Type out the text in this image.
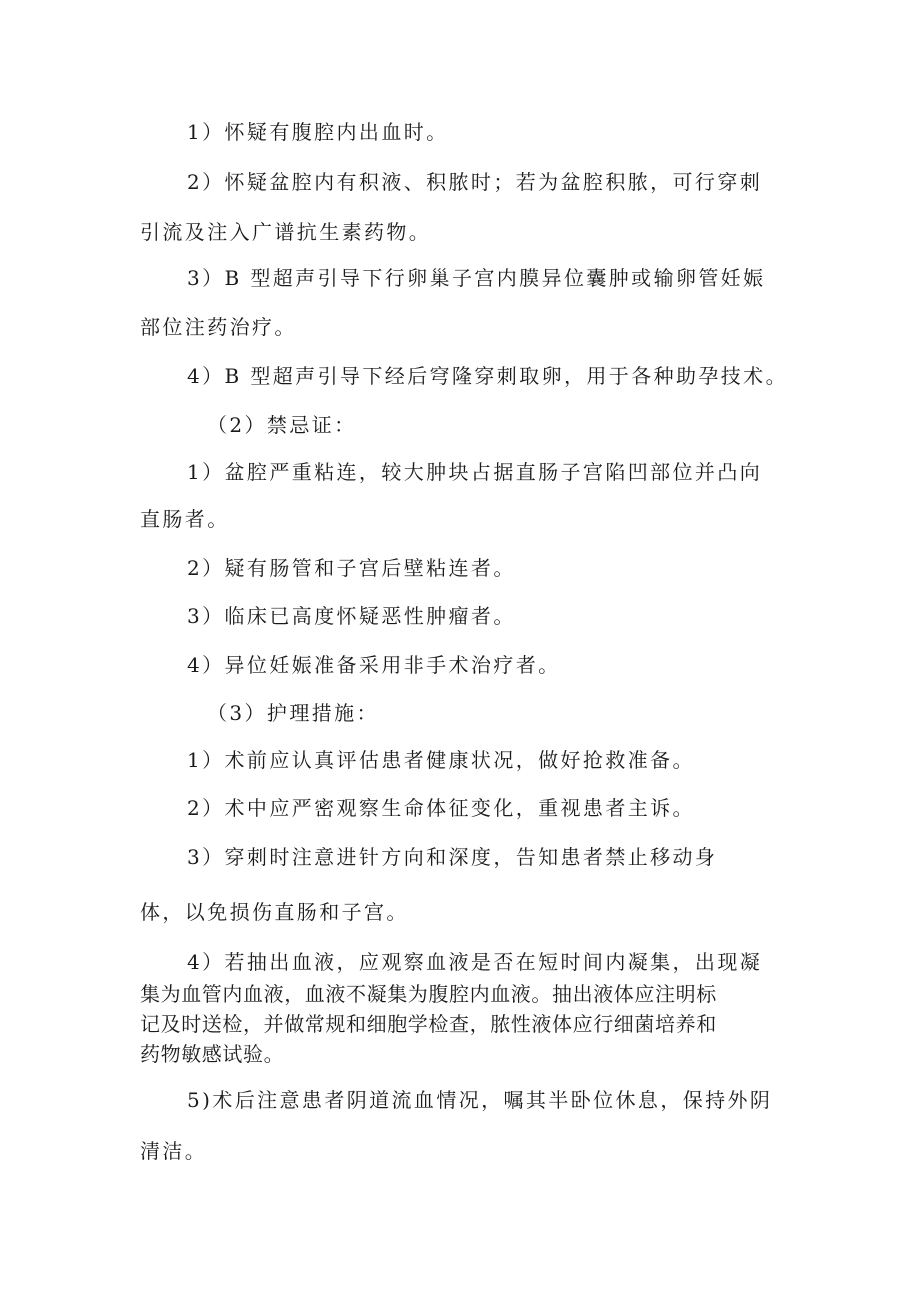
1）怀疑有腹腔内出血时。
2）怀疑盆腔内有积液、积脓时；若为盆腔积脓，可行穿刺
引流及注入广谱抗生素药物。
3）B 型超声引导下行卵巢子宫内膜异位囊肿或输卵管妊娠
部位注药治疗。
4）B 型超声引导下经后穹隆穿刺取卵，用于各种助孕技术。
（2）禁忌证：
1）盆腔严重粘连，较大肿块占据直肠子宫陷凹部位并凸向
直肠者。
2）疑有肠管和子宫后壁粘连者。
3）临床已高度怀疑恶性肿瘤者。
4）异位妊娠准备采用非手术治疗者。
（3）护理措施：
1）术前应认真评估患者健康状况，做好抢救准备。
2）术中应严密观察生命体征变化，重视患者主诉。
3）穿刺时注意进针方向和深度，告知患者禁止移动身
体，以免损伤直肠和子宫。
4）若抽出血液，应观察血液是否在短时间内凝集，出现凝
集为血管内血液，血液不凝集为腹腔内血液。抽出液体应注明标
记及时送检，并做常规和细胞学检查，脓性液体应行细菌培养和
药物敏感试验。
5)术后注意患者阴道流血情况，嘱其半卧位休息，保持外阴
清洁。
